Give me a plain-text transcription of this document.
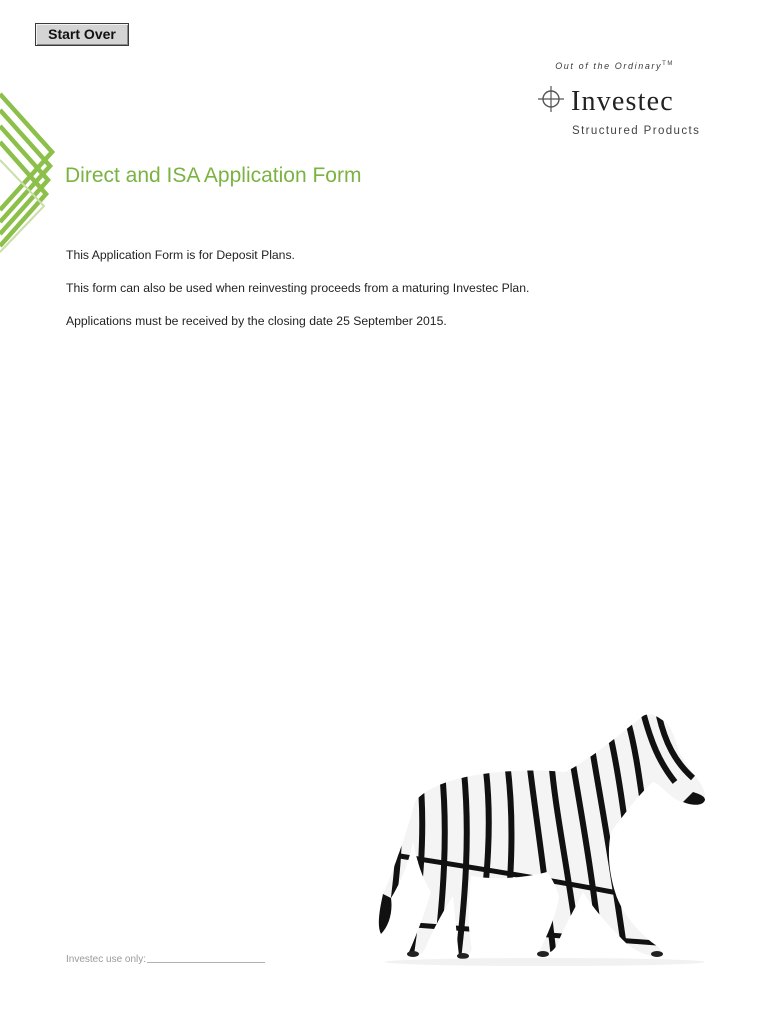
Start Over
Out of the Ordinary™
Investec
Structured Products
Direct and ISA Application Form

This Application Form is for Deposit Plans.

This form can also be used when reinvesting proceeds from a maturing Investec Plan.

Applications must be received by the closing date 25 September 2015.

Investec use only:
